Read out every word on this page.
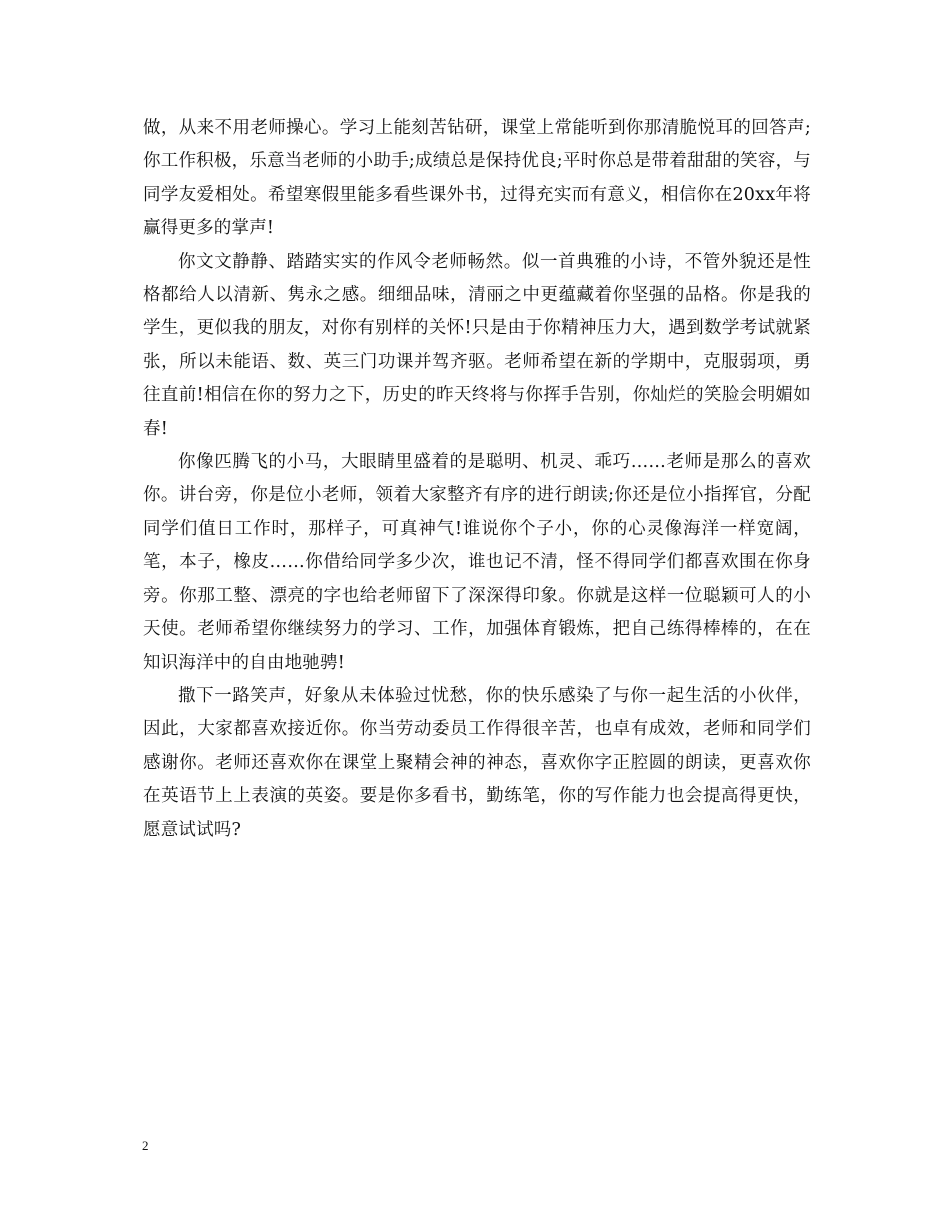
做，从来不用老师操心。学习上能刻苦钻研，课堂上常能听到你那清脆悦耳的回答声;你工作积极，乐意当老师的小助手;成绩总是保持优良;平时你总是带着甜甜的笑容，与同学友爱相处。希望寒假里能多看些课外书，过得充实而有意义，相信你在20xx年将赢得更多的掌声!

你文文静静、踏踏实实的作风令老师畅然。似一首典雅的小诗，不管外貌还是性格都给人以清新、隽永之感。细细品味，清丽之中更蕴藏着你坚强的品格。你是我的学生，更似我的朋友，对你有别样的关怀!只是由于你精神压力大，遇到数学考试就紧张，所以未能语、数、英三门功课并驾齐驱。老师希望在新的学期中，克服弱项，勇往直前!相信在你的努力之下，历史的昨天终将与你挥手告别，你灿烂的笑脸会明媚如春!

你像匹腾飞的小马，大眼睛里盛着的是聪明、机灵、乖巧……老师是那么的喜欢你。讲台旁，你是位小老师，领着大家整齐有序的进行朗读;你还是位小指挥官，分配同学们值日工作时，那样子，可真神气!谁说你个子小，你的心灵像海洋一样宽阔，笔，本子，橡皮……你借给同学多少次，谁也记不清，怪不得同学们都喜欢围在你身旁。你那工整、漂亮的字也给老师留下了深深得印象。你就是这样一位聪颖可人的小天使。老师希望你继续努力的学习、工作，加强体育锻炼，把自己练得棒棒的，在在知识海洋中的自由地驰骋!

撒下一路笑声，好象从未体验过忧愁，你的快乐感染了与你一起生活的小伙伴，因此，大家都喜欢接近你。你当劳动委员工作得很辛苦，也卓有成效，老师和同学们感谢你。老师还喜欢你在课堂上聚精会神的神态，喜欢你字正腔圆的朗读，更喜欢你在英语节上上表演的英姿。要是你多看书，勤练笔，你的写作能力也会提高得更快，愿意试试吗?

2
